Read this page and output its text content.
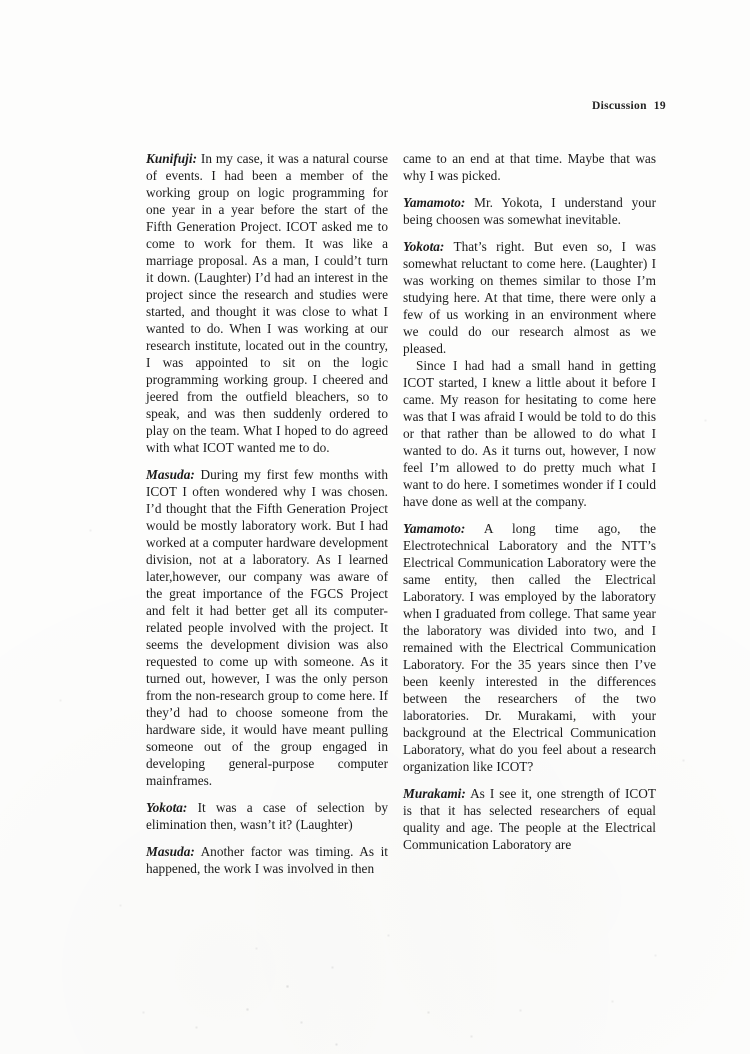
Discussion 19

Kunifuji: In my case, it was a natural course of events. I had been a member of the working group on logic programming for one year in a year before the start of the Fifth Generation Project. ICOT asked me to come to work for them. It was like a marriage proposal. As a man, I could’t turn it down. (Laughter) I’d had an interest in the project since the research and studies were started, and thought it was close to what I wanted to do. When I was working at our research institute, located out in the country, I was appointed to sit on the logic programming working group. I cheered and jeered from the outfield bleachers, so to speak, and was then suddenly ordered to play on the team. What I hoped to do agreed with what ICOT wanted me to do.

Masuda: During my first few months with ICOT I often wondered why I was chosen. I’d thought that the Fifth Generation Project would be mostly laboratory work. But I had worked at a computer hardware development division, not at a laboratory. As I learned later,however, our company was aware of the great importance of the FGCS Project and felt it had better get all its computer-related people involved with the project. It seems the development division was also requested to come up with someone. As it turned out, however, I was the only person from the non-research group to come here. If they’d had to choose someone from the hardware side, it would have meant pulling someone out of the group engaged in developing general-purpose computer mainframes.

Yokota: It was a case of selection by elimination then, wasn’t it? (Laughter)

Masuda: Another factor was timing. As it happened, the work I was involved in then

came to an end at that time. Maybe that was why I was picked.

Yamamoto: Mr. Yokota, I understand your being choosen was somewhat inevitable.

Yokota: That’s right. But even so, I was somewhat reluctant to come here. (Laughter) I was working on themes similar to those I’m studying here. At that time, there were only a few of us working in an environment where we could do our research almost as we pleased.

Since I had had a small hand in getting ICOT started, I knew a little about it before I came. My reason for hesitating to come here was that I was afraid I would be told to do this or that rather than be allowed to do what I wanted to do. As it turns out, however, I now feel I’m allowed to do pretty much what I want to do here. I sometimes wonder if I could have done as well at the company.

Yamamoto: A long time ago, the Electrotechnical Laboratory and the NTT’s Electrical Communication Laboratory were the same entity, then called the Electrical Laboratory. I was employed by the laboratory when I graduated from college. That same year the laboratory was divided into two, and I remained with the Electrical Communication Laboratory. For the 35 years since then I’ve been keenly interested in the differences between the researchers of the two laboratories. Dr. Murakami, with your background at the Electrical Communication Laboratory, what do you feel about a research organization like ICOT?

Murakami: As I see it, one strength of ICOT is that it has selected researchers of equal quality and age. The people at the Electrical Communication Laboratory are
